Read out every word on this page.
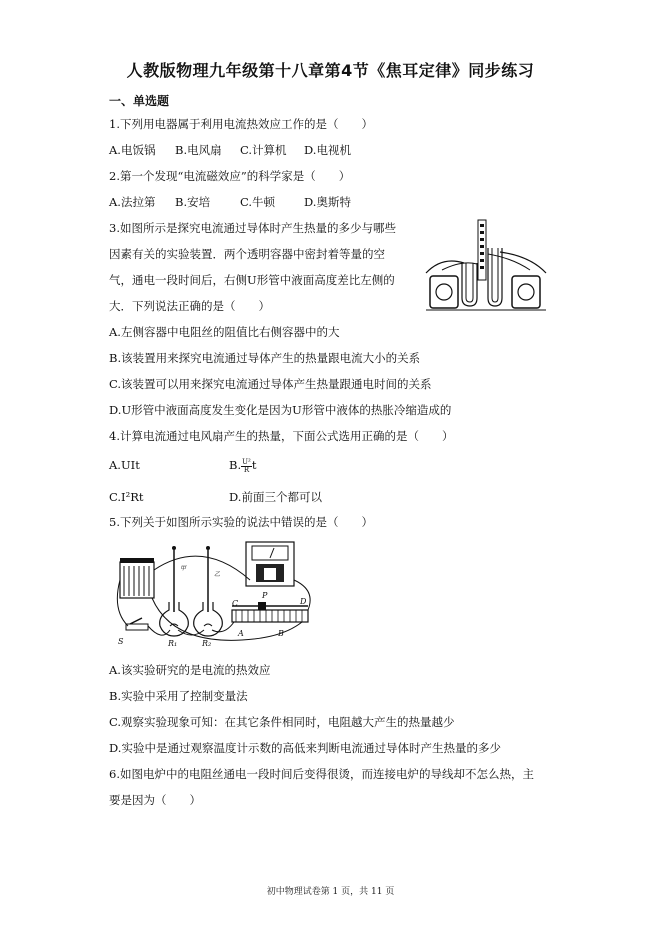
人教版物理九年级第十八章第4节《焦耳定律》同步练习
一、单选题
1.下列用电器属于利用电流热效应工作的是（　　）
A.电饭锅 B.电风扇 C.计算机 D.电视机
2.第一个发现“电流磁效应”的科学家是（　　）
A.法拉第 B.安培	C.牛顿	D.奥斯特
3.如图所示是探究电流通过导体时产生热量的多少与哪些
因素有关的实验装置．两个透明容器中密封着等量的空
气，通电一段时间后，右侧U形管中液面高度差比左侧的
大．下列说法正确的是（　　）
A.左侧容器中电阻丝的阻值比右侧容器中的大
B.该装置用来探究电流通过导体产生的热量跟电流大小的关系
C.该装置可以用来探究电流通过导体产生热量跟通电时间的关系
D.U形管中液面高度发生变化是因为U形管中液体的热胀冷缩造成的
4.计算电流通过电风扇产生的热量，下面公式选用正确的是（　　）
A.UIt	B. $\frac{\text{U²}}{R}$ t
C.I²Rt	D.前面三个都可以
5.下列关于如图所示实验的说法中错误的是（　　）
S	R₁	R₂
A	B
C	D
P
甲
乙
A.该实验研究的是电流的热效应
B.实验中采用了控制变量法
C.观察实验现象可知：在其它条件相同时，电阻越大产生的热量越少
D.实验中是通过观察温度计示数的高低来判断电流通过导体时产生热量的多少
6.如图电炉中的电阻丝通电一段时间后变得很烫，而连接电炉的导线却不怎么热，主
要是因为（　　）
初中物理试卷第 1 页，共 11 页
